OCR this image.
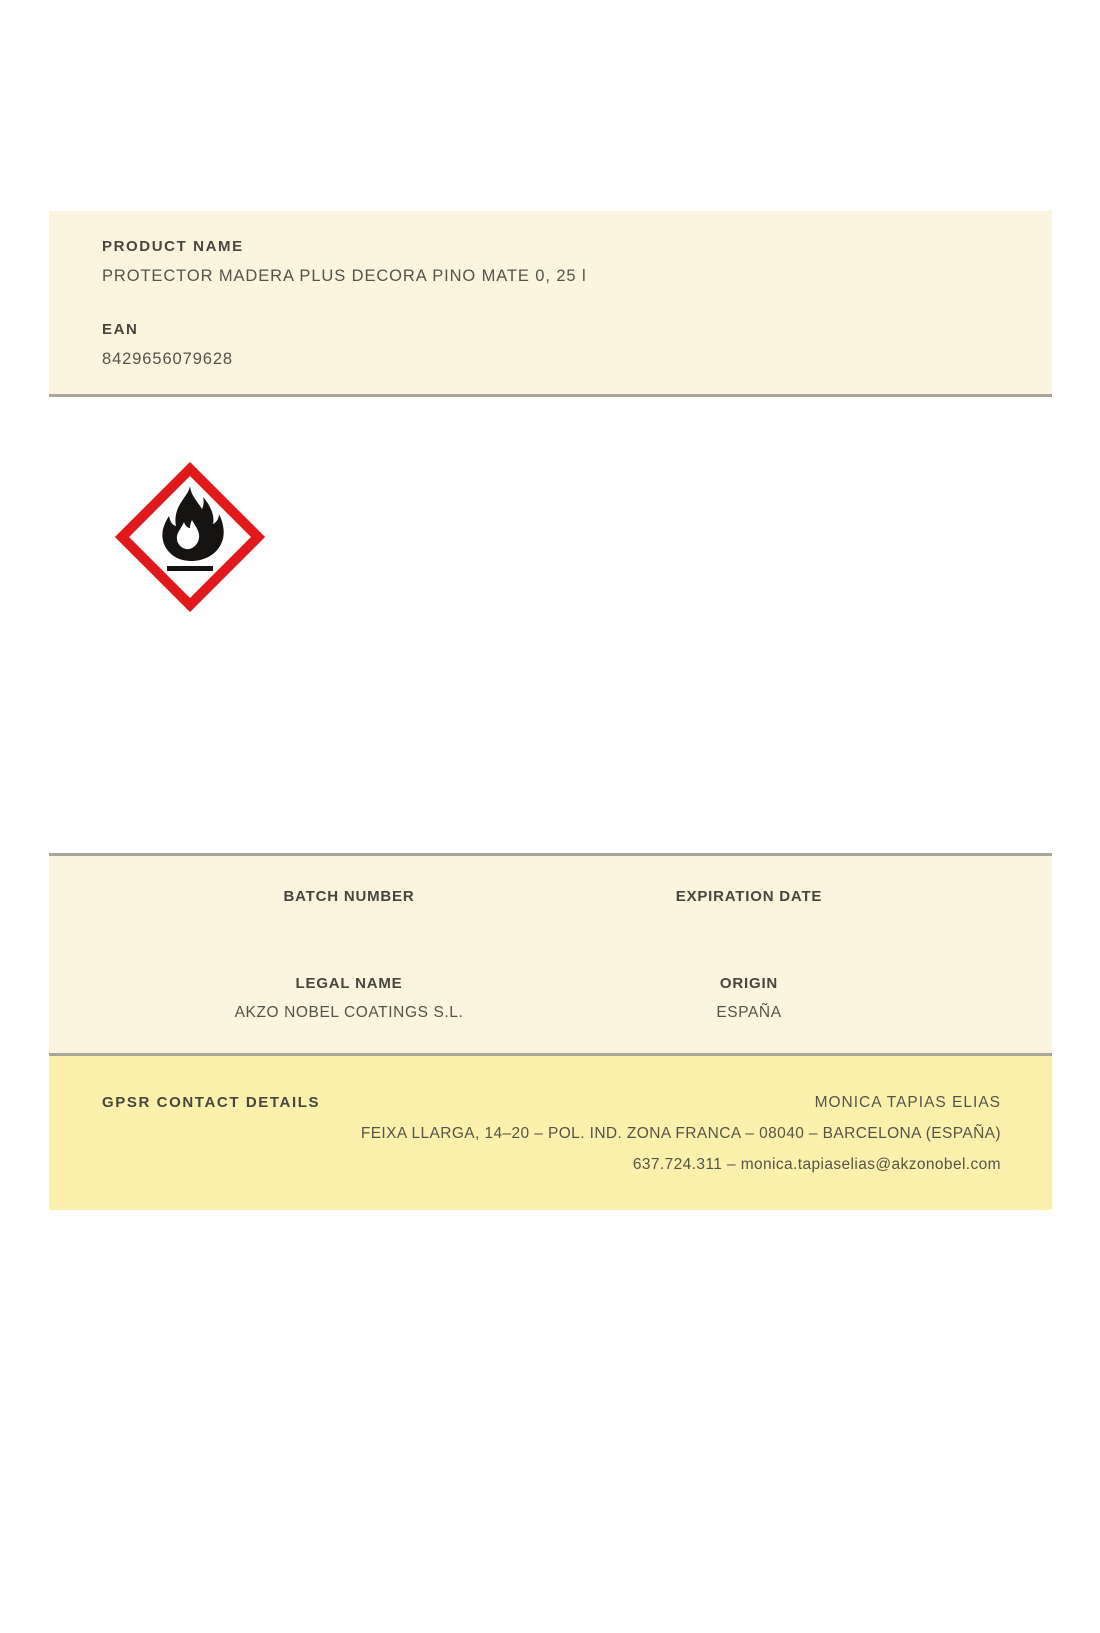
PRODUCT NAME
PROTECTOR MADERA PLUS DECORA PINO MATE 0, 25 l
EAN
8429656079628
BATCH NUMBER	EXPIRATION DATE
LEGAL NAME	ORIGIN
AKZO NOBEL COATINGS S.L.	ESPAÑA
GPSR CONTACT DETAILS	MONICA TAPIAS ELIAS
FEIXA LLARGA, 14–20 – POL. IND. ZONA FRANCA – 08040 – BARCELONA (ESPAÑA)
637.724.311 – monica.tapiaselias@akzonobel.com
